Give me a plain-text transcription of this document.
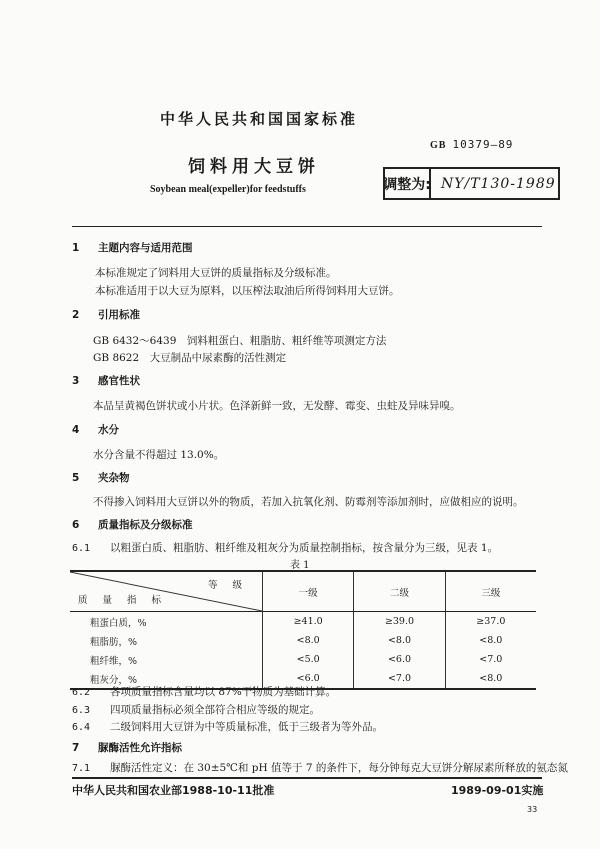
中华人民共和国国家标准
GB 10379—89
饲料用大豆饼
Soybean meal(expeller)for feedstuffs	调整为: NY/T130-1989
1 主题内容与适用范围
本标准规定了饲料用大豆饼的质量指标及分级标准。
本标准适用于以大豆为原料，以压榨法取油后所得饲料用大豆饼。
2 引用标准
GB 6432～6439　饲料粗蛋白、粗脂肪、粗纤维等项测定方法
GB 8622　大豆制品中尿素酶的活性测定
3 感官性状
本品呈黄褐色饼状或小片状。色泽新鲜一致，无发酵、霉变、虫蛀及异味异嗅。
4 水分
水分含量不得超过 13.0%。
5 夹杂物
不得掺入饲料用大豆饼以外的物质，若加入抗氧化剂、防霉剂等添加剂时，应做相应的说明。
6 质量指标及分级标准
6.1 以粗蛋白质、粗脂肪、粗纤维及粗灰分为质量控制指标，按含量分为三级，见表 1。
表 1
等 级
质 量 指 标	一级	二级	三级
粗蛋白质，%	≥41.0	≥39.0	≥37.0
粗脂肪，%	<8.0	<8.0	<8.0
粗纤维，%	<5.0	<6.0	<7.0
粗灰分，%	<6.0	<7.0	<8.0
6.2 各项质量指标含量均以 87%干物质为基础计算。
6.3 四项质量指标必须全部符合相应等级的规定。
6.4 二级饲料用大豆饼为中等质量标准，低于三级者为等外品。
7 脲酶活性允许指标
7.1 脲酶活性定义：在 30±5℃和 pH 值等于 7 的条件下，每分钟每克大豆饼分解尿素所释放的氨态氮
中华人民共和国农业部1988-10-11批准	1989-09-01实施
33
